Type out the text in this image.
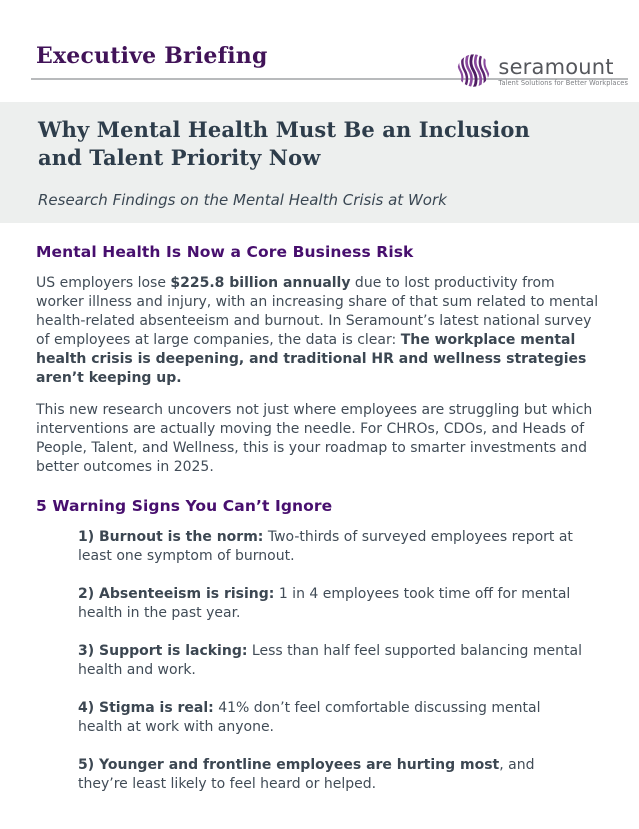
seramount
Talent Solutions for Better Workplaces
Executive Briefing
Why Mental Health Must Be an Inclusion and Talent Priority Now
Research Findings on the Mental Health Crisis at Work
Mental Health Is Now a Core Business Risk

US employers lose $225.8 billion annually due to lost productivity from worker illness and injury, with an increasing share of that sum related to mental health-related absenteeism and burnout. In Seramount’s latest national survey of employees at large companies, the data is clear: The workplace mental health crisis is deepening, and traditional HR and wellness strategies aren’t keeping up.

This new research uncovers not just where employees are struggling but which interventions are actually moving the needle. For CHROs, CDOs, and Heads of People, Talent, and Wellness, this is your roadmap to smarter investments and better outcomes in 2025.

5 Warning Signs You Can’t Ignore
1) Burnout is the norm: Two-thirds of surveyed employees report at least one symptom of burnout.
2) Absenteeism is rising: 1 in 4 employees took time off for mental health in the past year.
3) Support is lacking: Less than half feel supported balancing mental health and work.
4) Stigma is real: 41% don’t feel comfortable discussing mental health at work with anyone.
5) Younger and frontline employees are hurting most, and they’re least likely to feel heard or helped.
